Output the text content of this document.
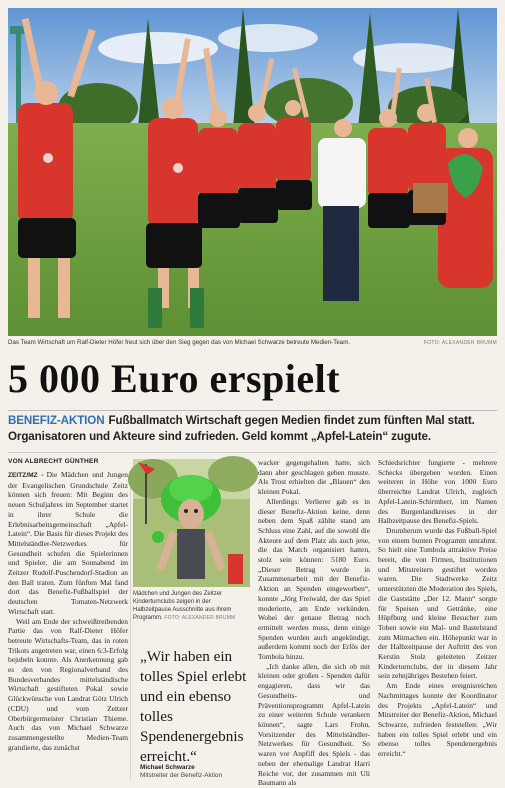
Das Team Wirtschaft um Ralf-Dieter Höfer freut sich über den Sieg gegen das von Michael Schwarze betreute Medien-Team.	FOTO: ALEXANDER BRUMM
5 000 Euro erspielt
BENEFIZ-AKTION Fußballmatch Wirtschaft gegen Medien findet zum fünften Mal statt. Organisatoren und Akteure sind zufrieden. Geld kommt „Apfel-Latein“ zugute.
VON ALBRECHT GÜNTHER

ZEITZ/MZ - Die Mädchen und Jungen der Evangelischen Grundschule Zeitz können sich freuen: Mit Beginn des neuen Schuljahres im September startet in ihrer Schule die Erlebnisarbeitsgemeinschaft „Apfel-Latein“. Die Basis für dieses Projekt des Mittelständler-Netzwerkes für Gesundheit schufen die Spielerinnen und Spieler, die am Sonnabend im Zeitzer Rudolf-Puschendorf-Stadion an den Ball traten. Zum fünften Mal fand dort das Benefiz-Fußballspiel der deutschen Tomaten-Netzwerk Wirtschaft statt.

Weil am Ende der schweißtreibenden Partie das von Ralf-Dieter Höfer betreute Wirtschafts-Team, das in roten Trikots angetreten war, einen 6:3-Erfolg bejubeln konnte. Als Anerkennung gab es den von Regionalverband des Bundesverbandes mittelständische Wirtschaft gestifteten Pokal sowie Glückwünsche von Landrat Götz Ulrich (CDU) und vom Zeitzer Oberbürgermeister Christian Thieme. Auch das von Michael Schwarze zusammengestellte Medien-Team gratulierte, das zunächst

Mädchen und Jungen des Zeitzer Kinderturnclubs zeigen in der Halbzeitpause Ausschnitte aus ihrem Programm. FOTO: ALEXANDER BRUMM
„Wir haben ein tolles Spiel erlebt und ein ebenso tolles Spendenergebnis erreicht.“
Michael Schwarze
Mitstreiter der Benefiz-Aktion

wacker gegengehalten hatte, sich dann aber geschlagen geben musste. Als Trost erhielten die „Blauen“ den kleinen Pokal.

Allerdings: Verlierer gab es in dieser Benefiz-Aktion keine, denn neben dem Spaß zählte stand am Schluss eine Zahl, auf die sowohl die Akteure auf dem Platz als auch jene, die das Match organisiert hatten, stolz sein können: 5180 Euro. „Dieser Betrag wurde in Zusammenarbeit mit der Benefiz-Aktion an Spenden eingeworben“, konnte „Jörg Freiwald, der das Spiel moderierte, am Ende verkünden. Wobei der genaue Betrag noch ermittelt werden muss, denn einige Spenden wurden auch angekündigt, außerdem kommt noch der Erlös der Tombola hinzu.

„Ich danke allen, die sich ob mit kleinen oder großen - Spenden dafür engagieren, dass wir das Gesundheits- und Präventionsprogramm Apfel-Latein zu einer weiteren Schule verankern können“, sagte Lars Frohn, Vorsitzender des Mittelständler-Netzwerkes für Gesundheit. So waren vor Anpfiff des Spiels - das neben der ehemalige Landrat Harri Reiche vor, der zusammen mit Uli Baumann als

Schiedsrichter fungierte - mehrere Schecks übergeben worden. Einen weiteren in Höhe von 1000 Euro überreichte Landrat Ulrich, zugleich Apfel-Latein-Schirmherr, im Namen des Burgenlandkreises in der Halbzeitpause des Benefiz-Spiels.

Drumherum wurde das Fußball-Spiel von einem bunten Programm umrahmt. So hielt eine Tombola attraktive Preise bereit, die von Firmen, Institutionen und Mitstreitern gestiftet worden waren. Die Stadtwerke Zeitz unterstützten die Moderation des Spiels, die Gaststätte „Der 12. Mann“ sorgte für Speisen und Getränke, eine Hüpfburg und kleine Besucher zum Toben sowie ein Mal- und Bastelstand zum Mitmachen ein. Höhepunkt war in der Halbzeitpause der Auftritt des von Kerstin Stolz geleiteten Zeitzer Kinderturnclubs, der in diesem Jahr sein zehnjähriges Bestehen feiert.

Am Ende eines ereignisreichen Nachmittages konnte der Koordinator des Projekts „Apfel-Latein“ und Mitstreiter der Benefiz-Aktion, Michael Schwarze, zufrieden feststellen: „Wir haben ein tolles Spiel erlebt und ein ebenso tolles Spendenergebnis erreicht.“
